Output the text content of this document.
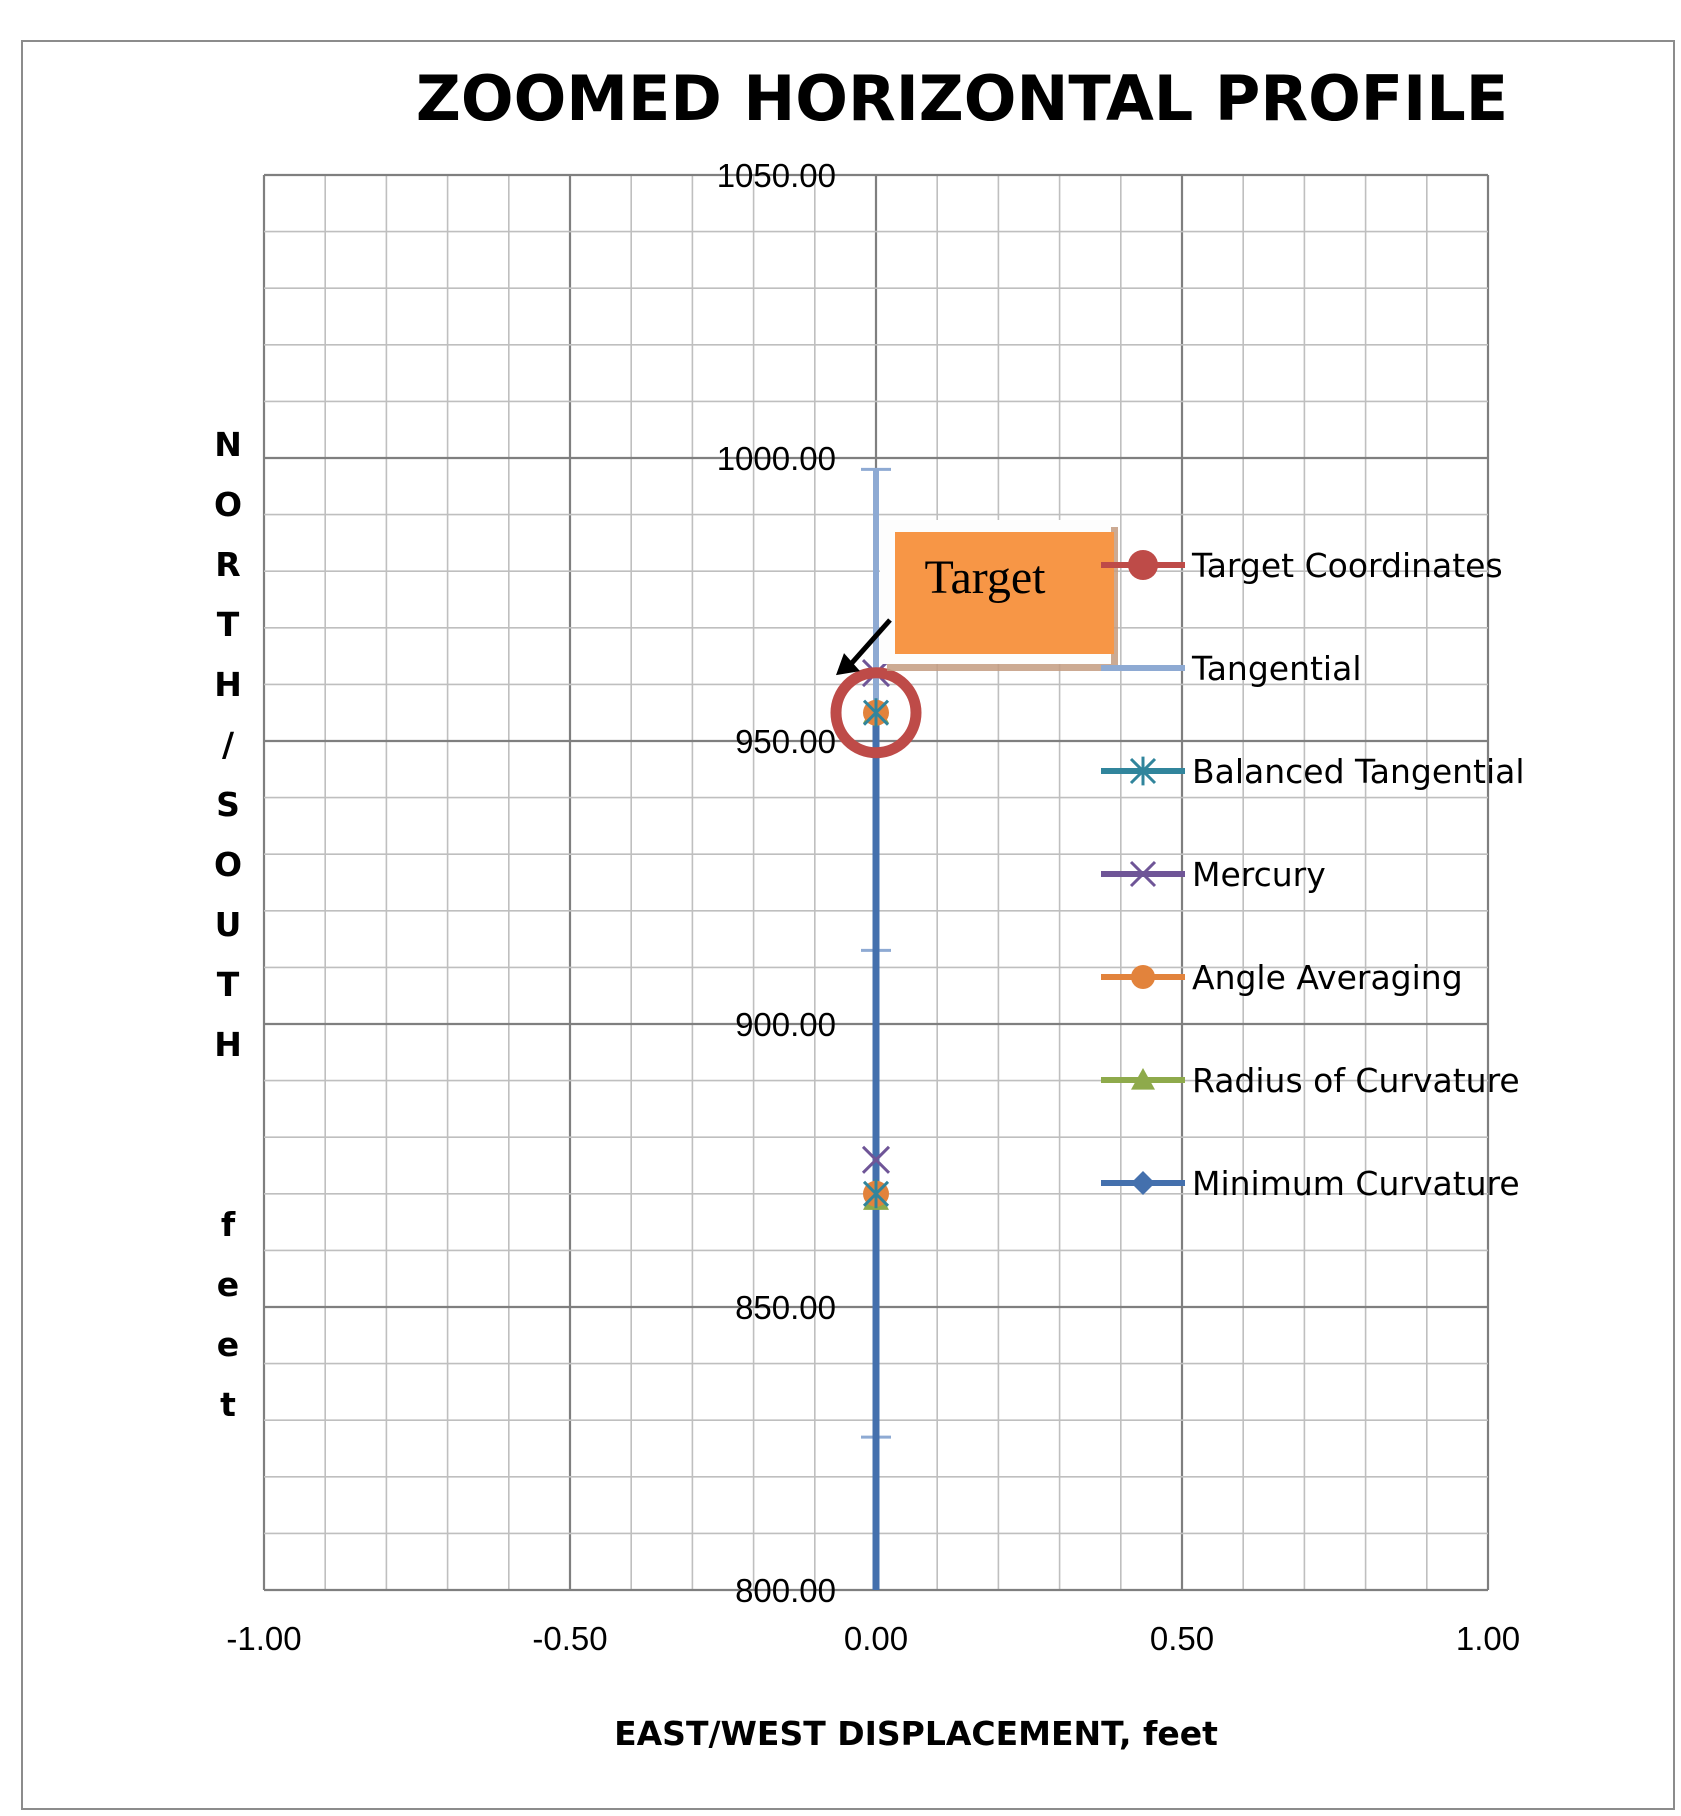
ZOOMED HORIZONTAL PROFILE
-1.00	-0.50	0.00	0.50	1.00
800.00
850.00
900.00
950.00
1000.00
1050.00
N
O
R
T
H
/
S
O
U
T
H
f
e
e
t
EAST/WEST DISPLACEMENT, feet
Target	Target Coordinates
Tangential
Balanced Tangential
Mercury
Angle Averaging
Radius of Curvature
Minimum Curvature
